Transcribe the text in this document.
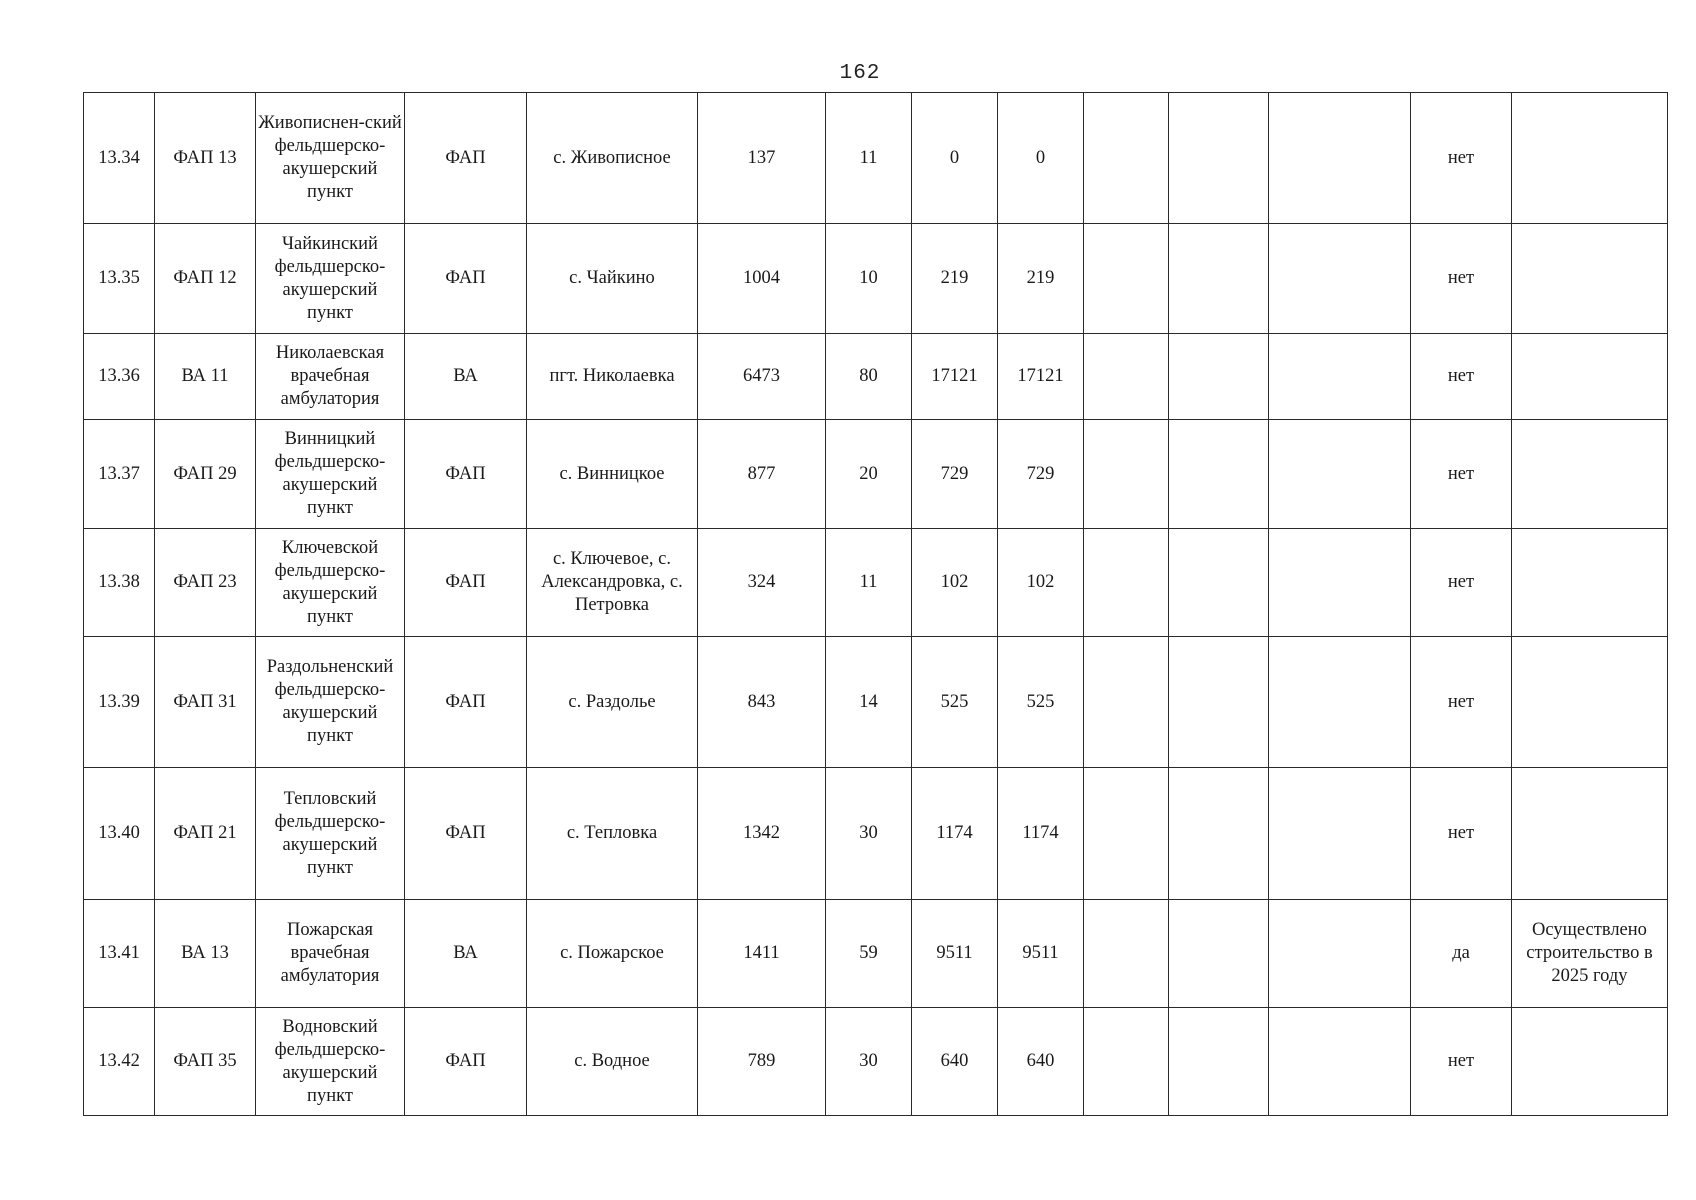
162
13.34	ФАП 13	Живописнен-ский фельдшерско-акушерский пункт	ФАП	с. Живописное	137	11	0	0				нет	
13.35	ФАП 12	Чайкинский фельдшерско-акушерский пункт	ФАП	с. Чайкино	1004	10	219	219				нет	
13.36	ВА 11	Николаевская врачебная амбулатория	ВА	пгт. Николаевка	6473	80	17121	17121				нет	
13.37	ФАП 29	Винницкий фельдшерско-акушерский пункт	ФАП	с. Винницкое	877	20	729	729				нет	
13.38	ФАП 23	Ключевской фельдшерско-акушерский пункт	ФАП	с. Ключевое, с. Александровка, с. Петровка	324	11	102	102				нет	
13.39	ФАП 31	Раздольненский фельдшерско-акушерский пункт	ФАП	с. Раздолье	843	14	525	525				нет	
13.40	ФАП 21	Тепловский фельдшерско-акушерский пункт	ФАП	с. Тепловка	1342	30	1174	1174				нет	
13.41	ВА 13	Пожарская врачебная амбулатория	ВА	с. Пожарское	1411	59	9511	9511				да	Осуществлено строительство в 2025 году
13.42	ФАП 35	Водновский фельдшерско-акушерский пункт	ФАП	с. Водное	789	30	640	640				нет	
